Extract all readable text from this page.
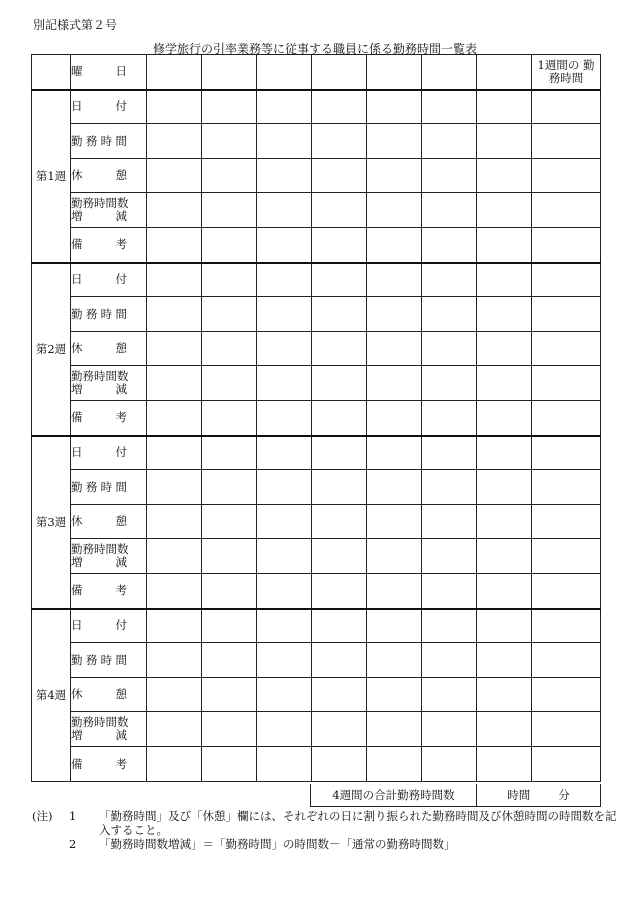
別記様式第２号
修学旅行の引率業務等に従事する職員に係る勤務時間一覧表

	曜 日								1週間の 勤務時間
第1週	日 付								

	勤 務 時 間								

	休 憩								

	勤務時間数
増 減								

	備 考								

第2週	日 付								

	勤 務 時 間								

	休 憩								

	勤務時間数
増 減								

	備 考								

第3週	日 付								

	勤 務 時 間								

	休 憩								

	勤務時間数
増 減								

	備 考								

第4週	日 付								

	勤 務 時 間								

	休 憩								

	勤務時間数
増 減								

	備 考								

4週間の合計勤務時間数	時間 分
(注)	1	「勤務時間」及び「休憩」欄には、それぞれの日に割り振られた勤務時間及び休憩時間の時間数を記入すること。
2	「勤務時間数増減」＝「勤務時間」の時間数－「通常の勤務時間数」
